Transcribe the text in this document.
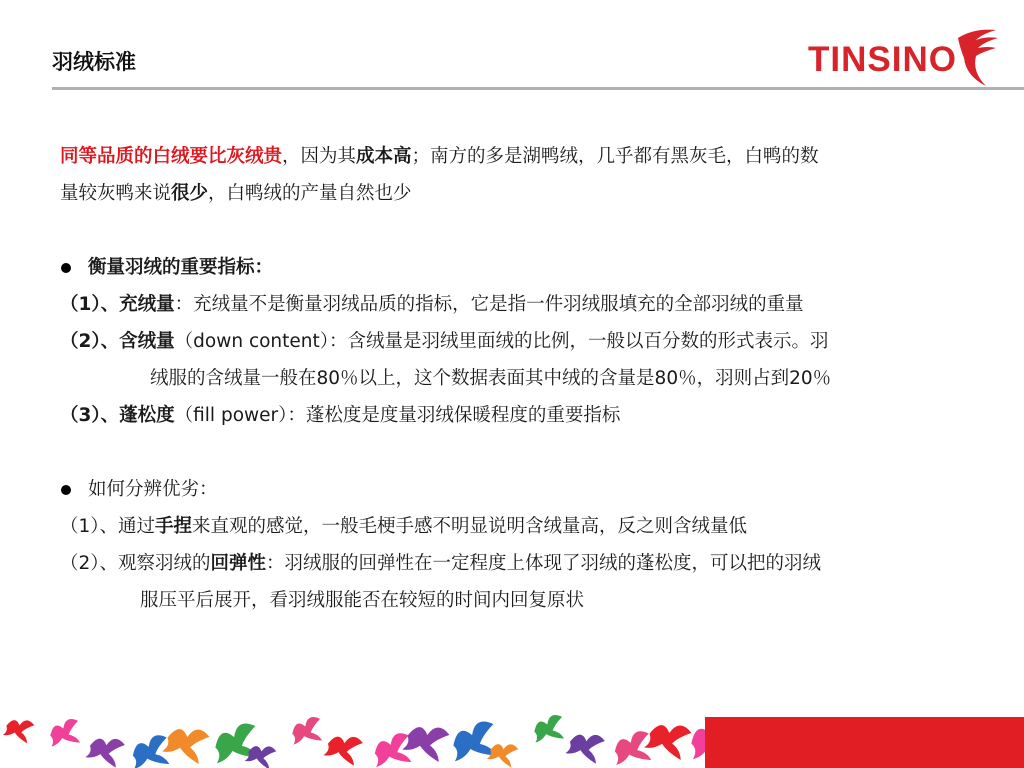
羽绒标准	TINSINO

同等品质的白绒要比灰绒贵，因为其成本高；南方的多是湖鸭绒，几乎都有黑灰毛，白鸭的数
量较灰鸭来说很少，白鸭绒的产量自然也少

衡量羽绒的重要指标：
（1）、充绒量：充绒量不是衡量羽绒品质的指标，它是指一件羽绒服填充的全部羽绒的重量
（2）、含绒量（down content）：含绒量是羽绒里面绒的比例，一般以百分数的形式表示。羽
绒服的含绒量一般在80％以上，这个数据表面其中绒的含量是80％，羽则占到20％
（3）、蓬松度（fill power）：蓬松度是度量羽绒保暖程度的重要指标
如何分辨优劣：
（1）、通过手捏来直观的感觉，一般毛梗手感不明显说明含绒量高，反之则含绒量低
（2）、观察羽绒的回弹性：羽绒服的回弹性在一定程度上体现了羽绒的蓬松度，可以把的羽绒
服压平后展开，看羽绒服能否在较短的时间内回复原状
